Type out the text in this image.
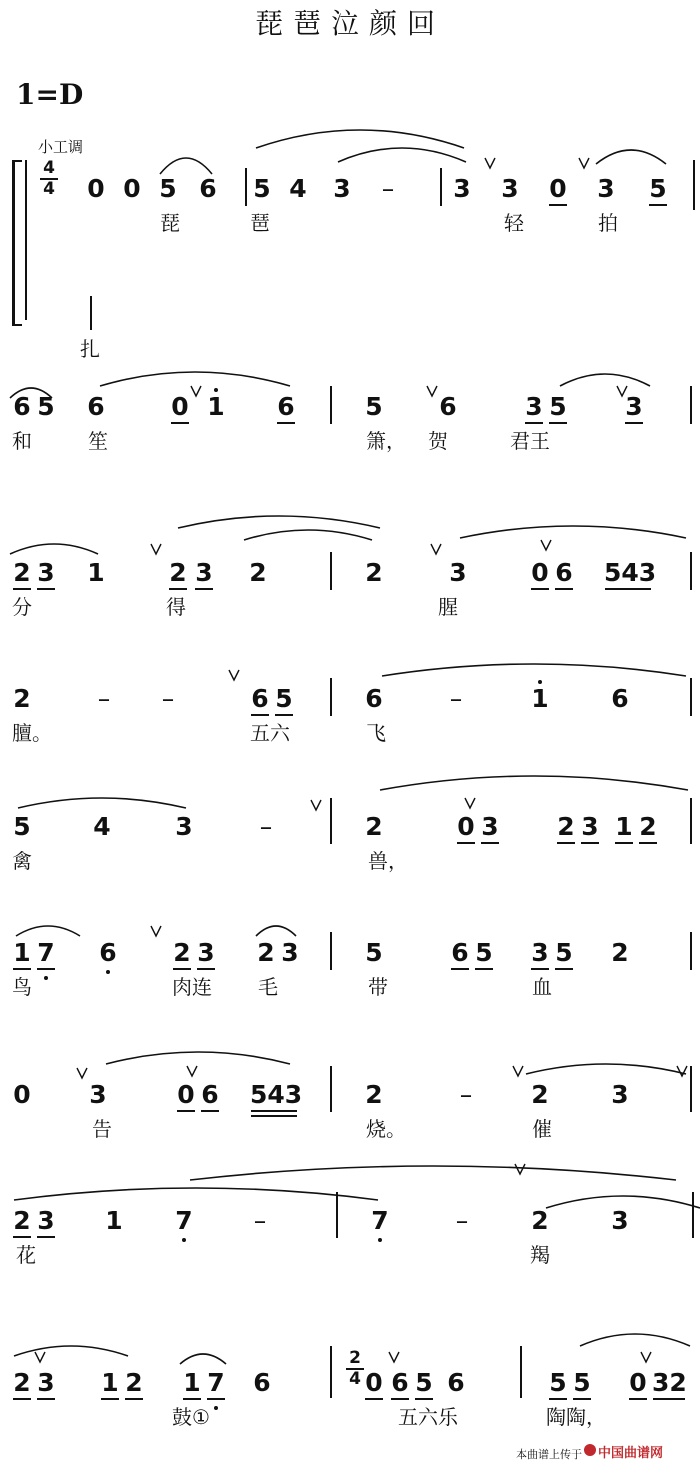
琵琶泣颜回
1=D
小工调
4
4
2
4
扎
0 0 5 6 5 4 3 – 3 3 0 3 5
琵	琶	轻	拍
6 5 6	0 1 6	5 6	3 5 3
和	笙	箫， 贺	君王
2 3 1	2 3 2	2	3	0 6 543
分	得	腥
2	– –	6 5	6	–	1	6
膻。	五六	飞
5	4	3	–	2	0 3 2 3 1 2
禽	兽，
1 7 6 2 3 2 3	5	6 5 3 5 2
鸟	肉连 毛	带	血
0 3	0 6 543	2	– 2	3
告	烧。	催
2 3 1 7 –	7	–	2	3
花	羯
2 3 1 2 1 7 6	0 6 5 6	5 5 0 32
鼓①	五六乐	陶陶，
本曲谱上传于 中国曲谱网
